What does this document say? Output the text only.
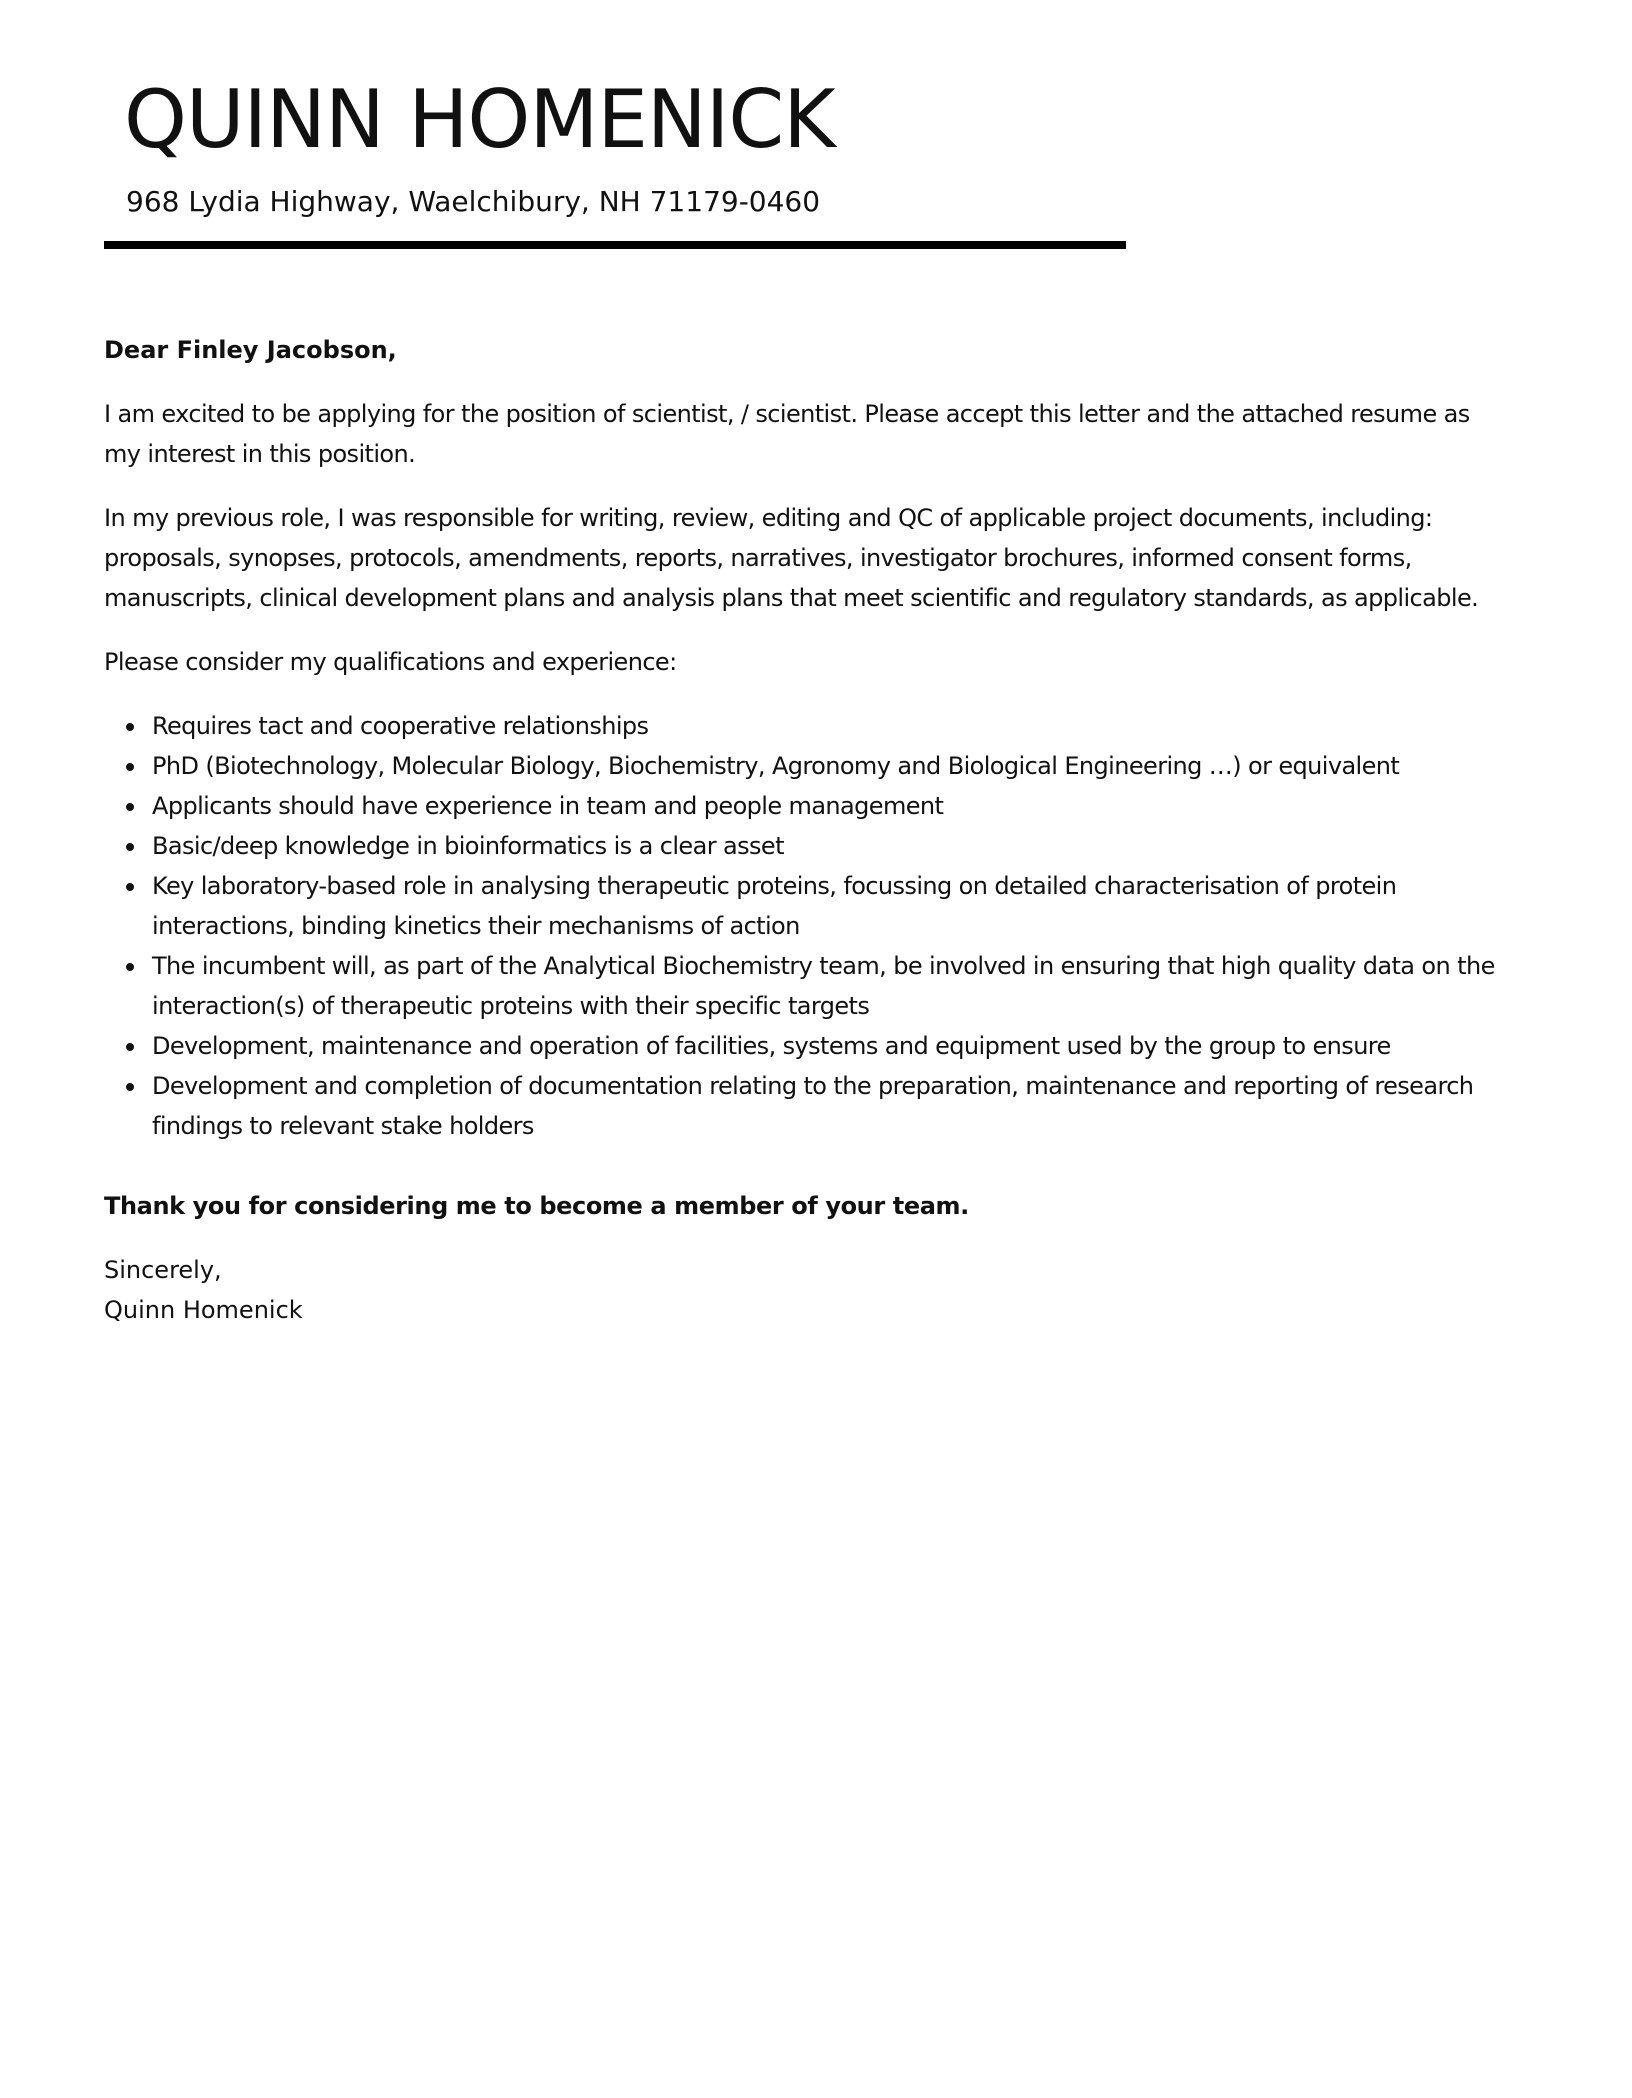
QUINN HOMENICK
968 Lydia Highway, Waelchibury, NH 71179-0460

Dear Finley Jacobson,

I am excited to be applying for the position of scientist, / scientist. Please accept this letter and the attached resume as my interest in this position.

In my previous role, I was responsible for writing, review, editing and QC of applicable project documents, including: proposals, synopses, protocols, amendments, reports, narratives, investigator brochures, informed consent forms, manuscripts, clinical development plans and analysis plans that meet scientific and regulatory standards, as applicable.

Please consider my qualifications and experience:

Requires tact and cooperative relationships
PhD (Biotechnology, Molecular Biology, Biochemistry, Agronomy and Biological Engineering …) or equivalent
Applicants should have experience in team and people management
Basic/deep knowledge in bioinformatics is a clear asset
Key laboratory-based role in analysing therapeutic proteins, focussing on detailed characterisation of protein interactions, binding kinetics their mechanisms of action
The incumbent will, as part of the Analytical Biochemistry team, be involved in ensuring that high quality data on the interaction(s) of therapeutic proteins with their specific targets
Development, maintenance and operation of facilities, systems and equipment used by the group to ensure
Development and completion of documentation relating to the preparation, maintenance and reporting of research findings to relevant stake holders

Thank you for considering me to become a member of your team.

Sincerely,
Quinn Homenick
